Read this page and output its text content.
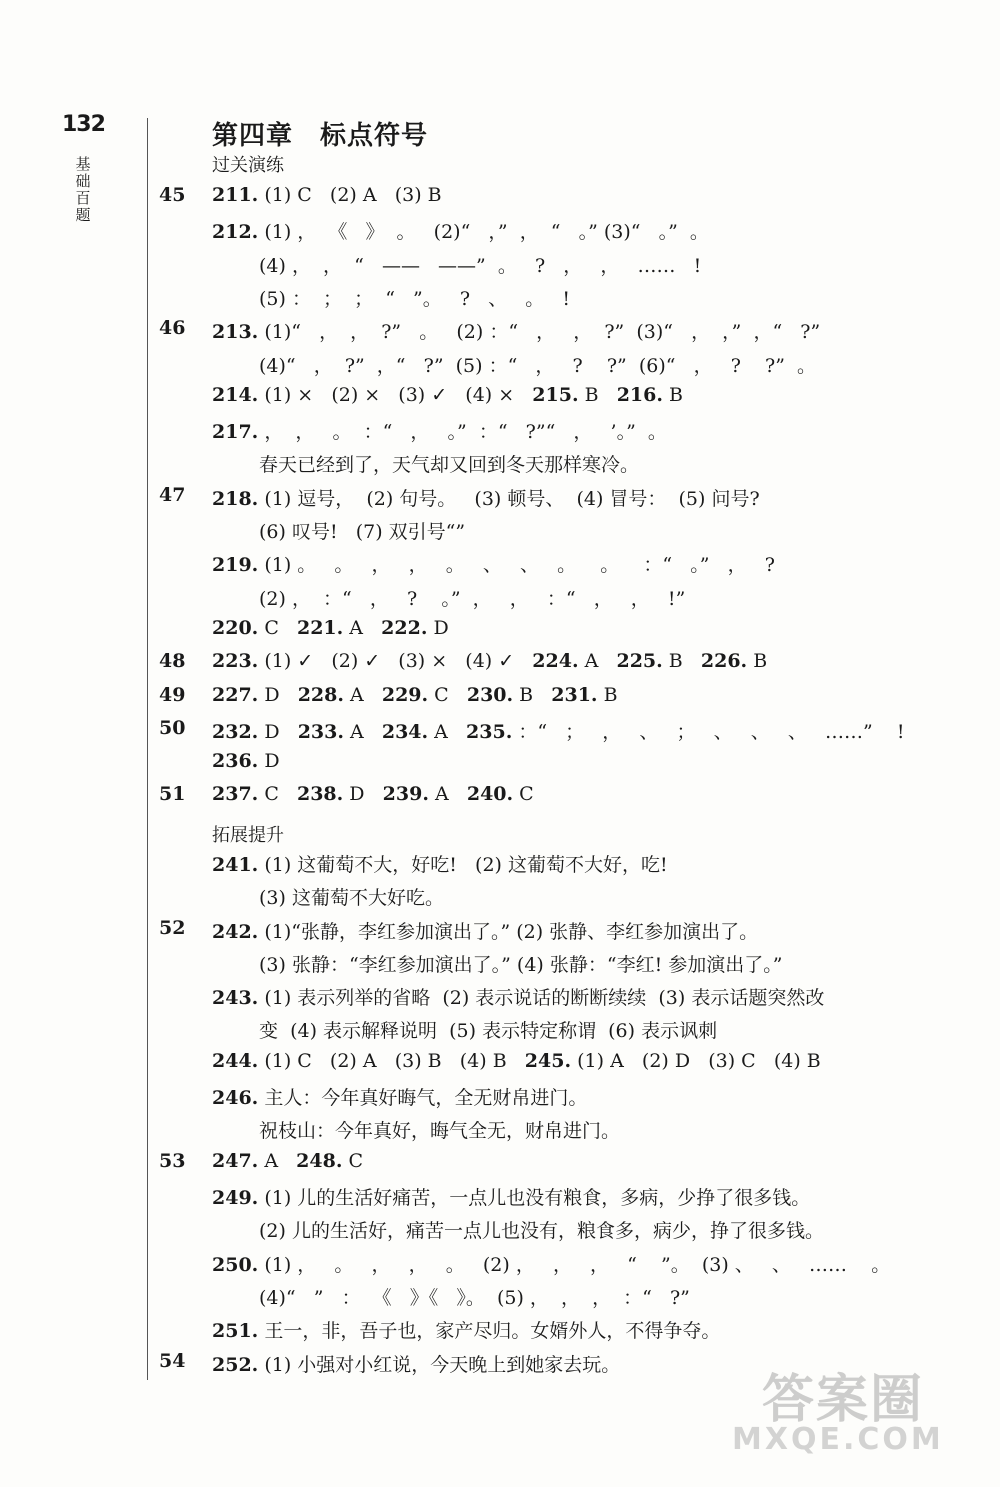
132
基
础
百
题
第四章　标点符号
过关演练
45 211. (1) C   (2) A   (3) B
212. (1) ，  《   》  。   (2)“   ，”  ，  “   。” (3)“   。”  。
(4) ，  ，  “   ——   ——”  。   ?   ，   ，   ……   !
(5) ：  ；  ；  “   ”。   ?   、   。   !
46 213. (1)“   ，  ，  ?”   。   (2) ：“   ，   ，  ?”  (3)“   ，  ，”  ，“   ?”
(4)“   ，  ?”  ，“   ?”  (5) ：“   ，   ?    ?”  (6)“   ，   ?    ?”  。
214. (1) ×   (2) ×   (3) ✓   (4) ×   215. B   216. B
217. ，  ，   。  ：“   ，   。”  ：“   ?”“   ，   ’。”  。
春天已经到了，天气却又回到冬天那样寒冷。
47 218. (1) 逗号，  (2) 句号。   (3) 顿号、  (4) 冒号：  (5) 问号?
(6) 叹号!   (7) 双引号“”
219. (1) 。   。   ，   ，   。   、   、   。    。    ：“   。”   ，   ?
(2) ，  ：“   ，   ?    。”  ，   ，   ：“   ，   ，   !”
220. C   221. A   222. D
48 223. (1) ✓   (2) ✓   (3) ×   (4) ✓   224. A   225. B   226. B
49 227. D   228. A   229. C   230. B   231. B
50 232. D   233. A   234. A   235. ：“   ；   ，   、   ；   、   、   、   ……”    !
236. D
51 237. C   238. D   239. A   240. C
拓展提升
241. (1) 这葡萄不大，好吃!   (2) 这葡萄不大好，吃!
(3) 这葡萄不大好吃。
52 242. (1)“张静，李红参加演出了。” (2) 张静、李红参加演出了。
(3) 张静：“李红参加演出了。” (4) 张静：“李红! 参加演出了。”
243. (1) 表示列举的省略  (2) 表示说话的断断续续  (3) 表示话题突然改
变  (4) 表示解释说明  (5) 表示特定称谓  (6) 表示讽刺
244. (1) C   (2) A   (3) B   (4) B   245. (1) A   (2) D   (3) C   (4) B
246. 主人：今年真好晦气，全无财帛进门。
祝枝山：今年真好，晦气全无，财帛进门。
53 247. A   248. C
249. (1) 儿的生活好痛苦，一点儿也没有粮食，多病，少挣了很多钱。
(2) 儿的生活好，痛苦一点儿也没有，粮食多，病少，挣了很多钱。
250. (1) ，   。   ，   ，   。   (2) ，   ，   ，   “    ”。  (3) 、   、   ……    。
(4)“   ”   ：  《   》《   》。  (5) ，  ，  ，  ：“   ?”
251. 王一，非，吾子也，家产尽归。女婿外人，不得争夺。
54 252. (1) 小强对小红说，今天晚上到她家去玩。
答案圈
MXQE.COM
